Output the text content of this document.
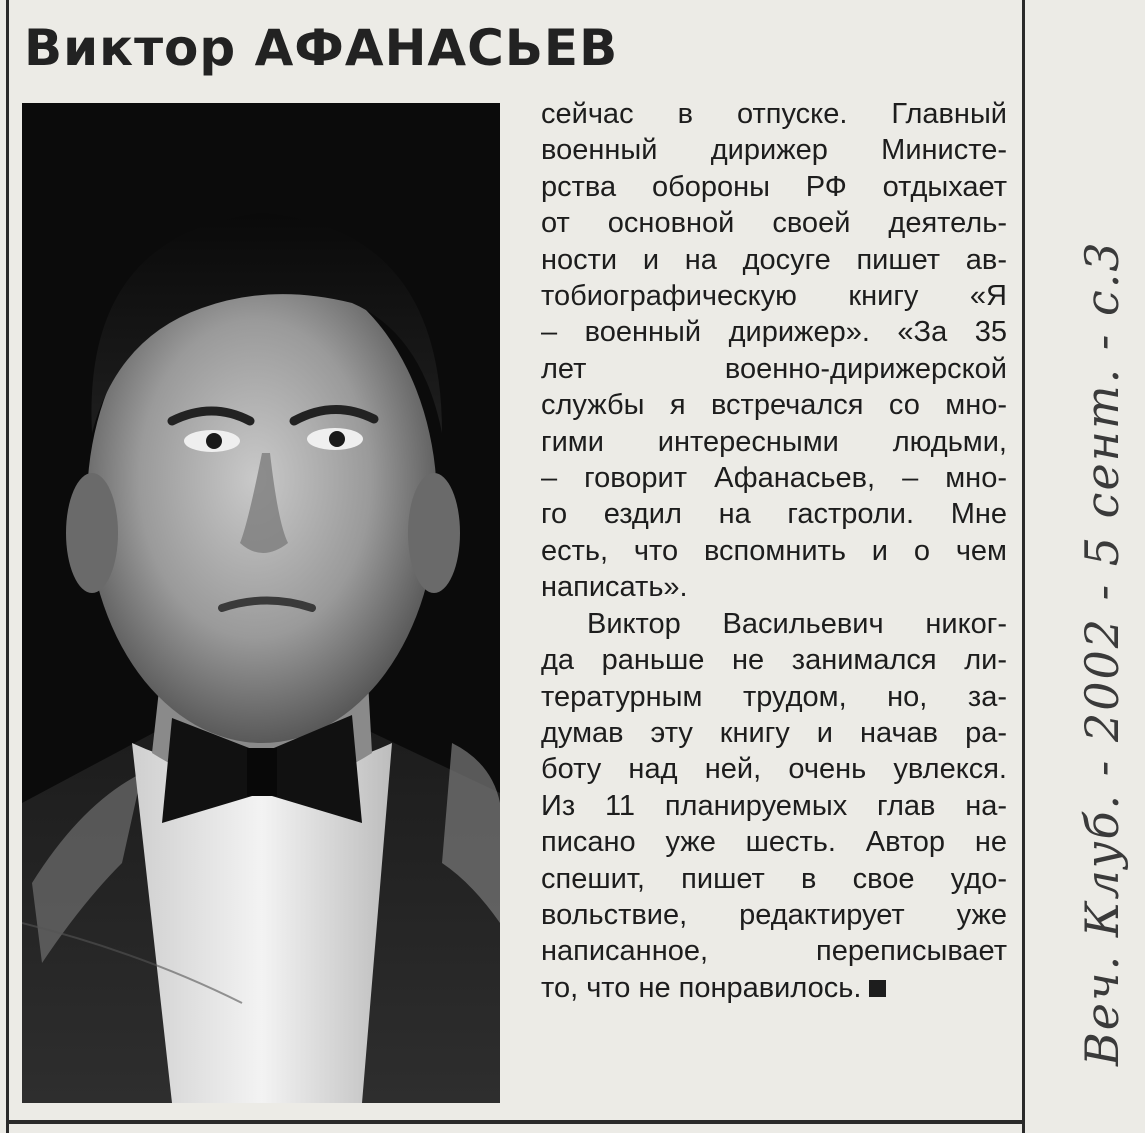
Виктор АФАНАСЬЕВ

сейчас в отпуске. Главный

военный дирижер Министе-

рства обороны РФ отдыхает

от основной своей деятель-

ности и на досуге пишет ав-

тобиографическую книгу «Я

– военный дирижер». «За 35

лет военно-дирижерской

службы я встречался со мно-

гими интересными людьми,

– говорит Афанасьев, – мно-

го ездил на гастроли. Мне

есть, что вспомнить и о чем

написать».

Виктор Васильевич никог-

да раньше не занимался ли-

тературным трудом, но, за-

думав эту книгу и начав ра-

боту над ней, очень увлекся.

Из 11 планируемых глав на-

писано уже шесть. Автор не

спешит, пишет в свое удо-

вольствие, редактирует уже

написанное, переписывает

то, что не понравилось.	Веч. Клуб. - 2002 - 5 сент. - с.3
